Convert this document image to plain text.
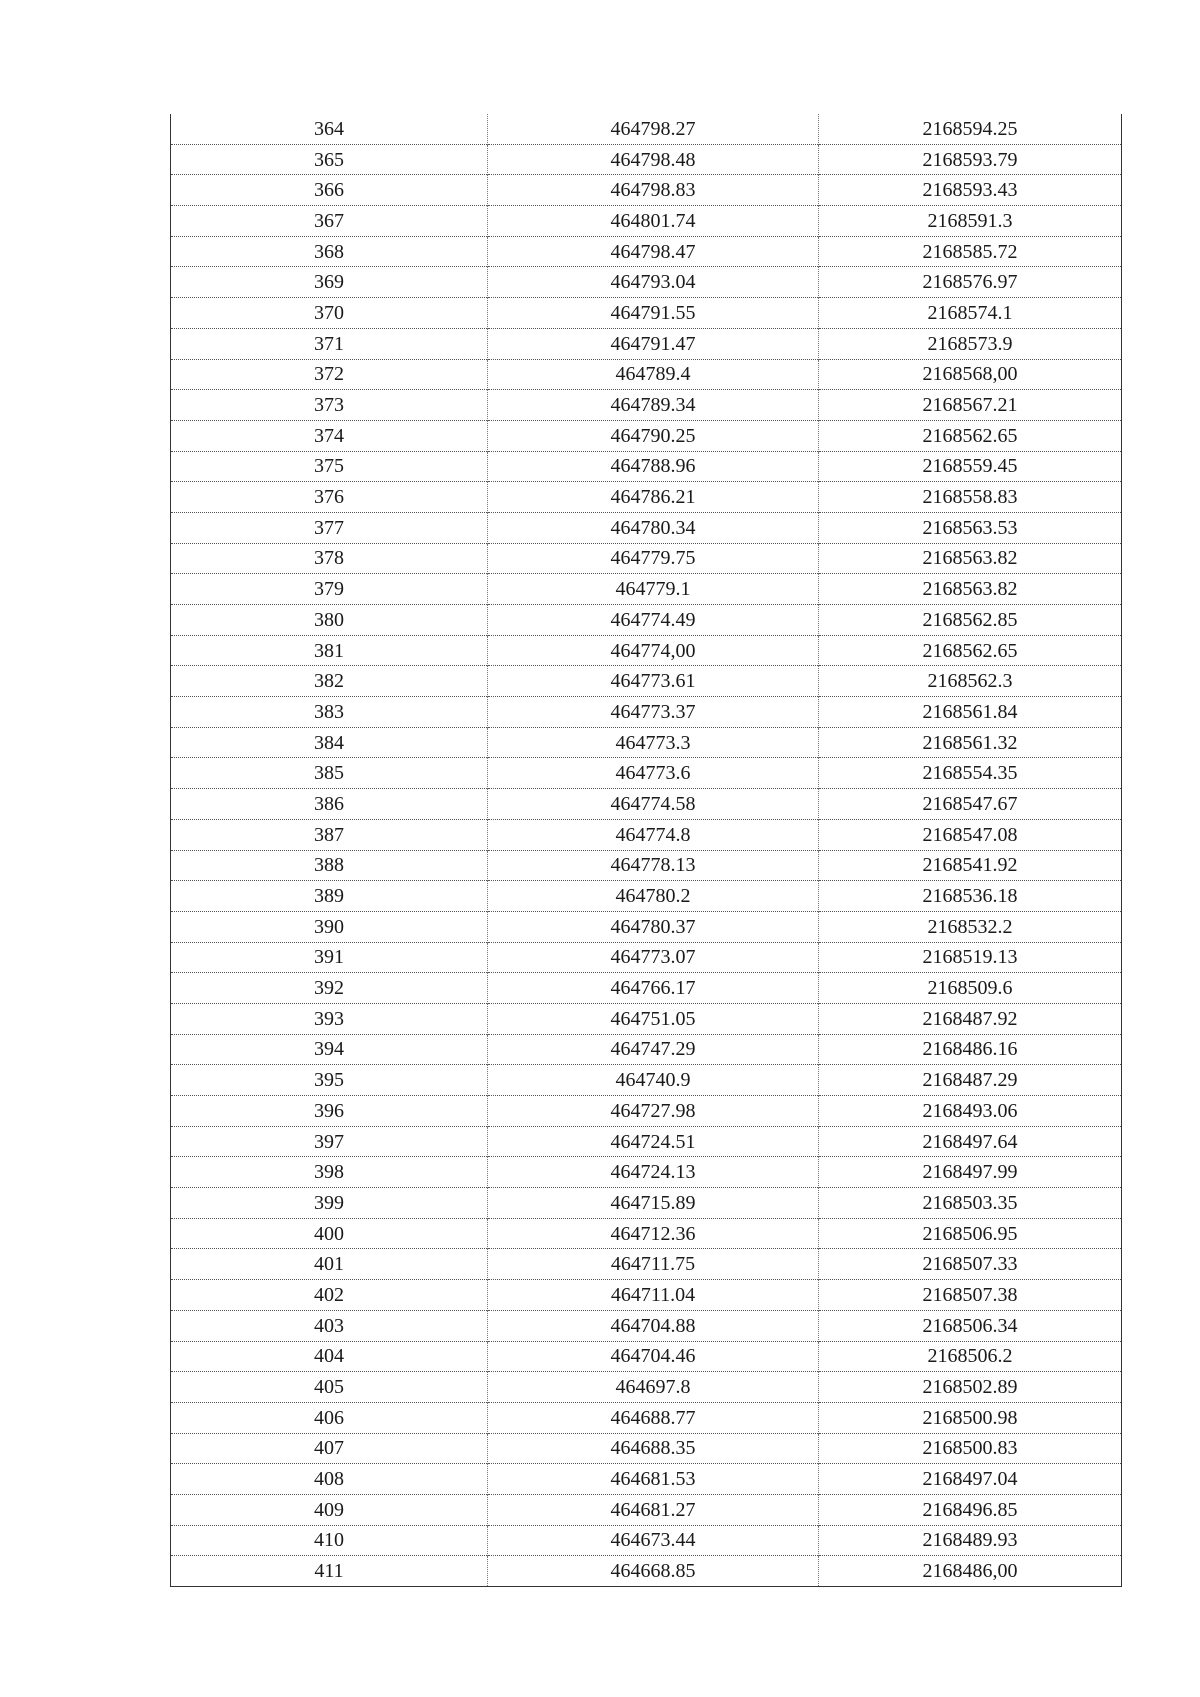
364	464798.27	2168594.25
365	464798.48	2168593.79
366	464798.83	2168593.43
367	464801.74	2168591.3
368	464798.47	2168585.72
369	464793.04	2168576.97
370	464791.55	2168574.1
371	464791.47	2168573.9
372	464789.4	2168568,00
373	464789.34	2168567.21
374	464790.25	2168562.65
375	464788.96	2168559.45
376	464786.21	2168558.83
377	464780.34	2168563.53
378	464779.75	2168563.82
379	464779.1	2168563.82
380	464774.49	2168562.85
381	464774,00	2168562.65
382	464773.61	2168562.3
383	464773.37	2168561.84
384	464773.3	2168561.32
385	464773.6	2168554.35
386	464774.58	2168547.67
387	464774.8	2168547.08
388	464778.13	2168541.92
389	464780.2	2168536.18
390	464780.37	2168532.2
391	464773.07	2168519.13
392	464766.17	2168509.6
393	464751.05	2168487.92
394	464747.29	2168486.16
395	464740.9	2168487.29
396	464727.98	2168493.06
397	464724.51	2168497.64
398	464724.13	2168497.99
399	464715.89	2168503.35
400	464712.36	2168506.95
401	464711.75	2168507.33
402	464711.04	2168507.38
403	464704.88	2168506.34
404	464704.46	2168506.2
405	464697.8	2168502.89
406	464688.77	2168500.98
407	464688.35	2168500.83
408	464681.53	2168497.04
409	464681.27	2168496.85
410	464673.44	2168489.93
411	464668.85	2168486,00
